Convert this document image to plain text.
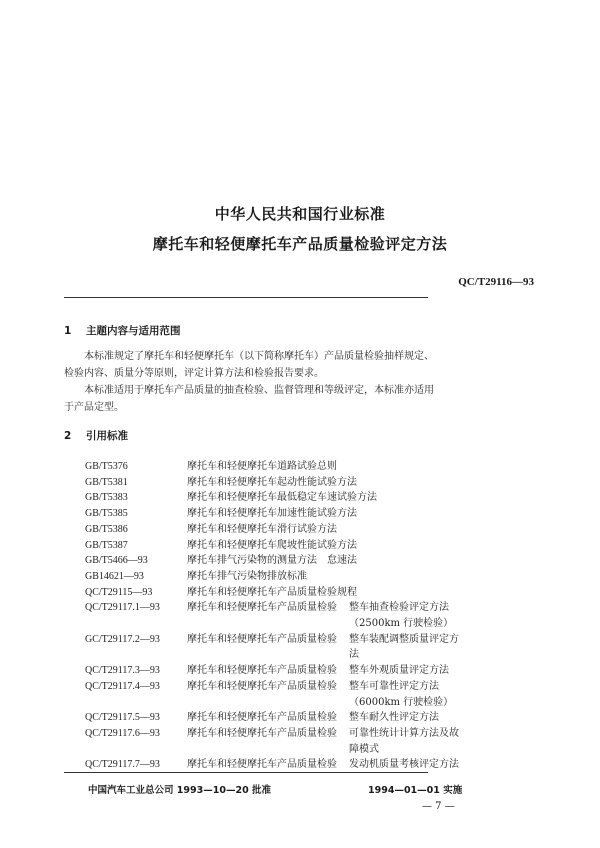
中华人民共和国行业标准
摩托车和轻便摩托车产品质量检验评定方法
QC/T29116—93
1 主题内容与适用范围

本标准规定了摩托车和轻便摩托车（以下简称摩托车）产品质量检验抽样规定、检验内容、质量分等原则，评定计算方法和检验报告要求。

本标准适用于摩托车产品质量的抽查检验、监督管理和等级评定，本标准亦适用于产品定型。

2 引用标准
GB/T5376	摩托车和轻便摩托车道路试验总则
GB/T5381	摩托车和轻便摩托车起动性能试验方法
GB/T5383	摩托车和轻便摩托车最低稳定车速试验方法
GB/T5385	摩托车和轻便摩托车加速性能试验方法
GB/T5386	摩托车和轻便摩托车滑行试验方法
GB/T5387	摩托车和轻便摩托车爬坡性能试验方法
GB/T5466—93	摩托车排气污染物的测量方法　怠速法
GB14621—93	摩托车排气污染物排放标准
QC/T29115—93	摩托车和轻便摩托车产品质量检验规程
QC/T29117.1—93	摩托车和轻便摩托车产品质量检验	整车抽查检验评定方法（2500km 行驶检验）
GC/T29117.2—93	摩托车和轻便摩托车产品质量检验	整车装配调整质量评定方法
QC/T29117.3—93	摩托车和轻便摩托车产品质量检验	整车外观质量评定方法
QC/T29117.4—93	摩托车和轻便摩托车产品质量检验	整车可靠性评定方法（6000km 行驶检验）
QC/T29117.5—93	摩托车和轻便摩托车产品质量检验	整车耐久性评定方法
QC/T29117.6—93	摩托车和轻便摩托车产品质量检验	可靠性统计计算方法及故障模式
QC/T29117.7—93	摩托车和轻便摩托车产品质量检验	发动机质量考核评定方法
中国汽车工业总公司 1993—10—20 批准	1994—01—01 实施
— 7 —
